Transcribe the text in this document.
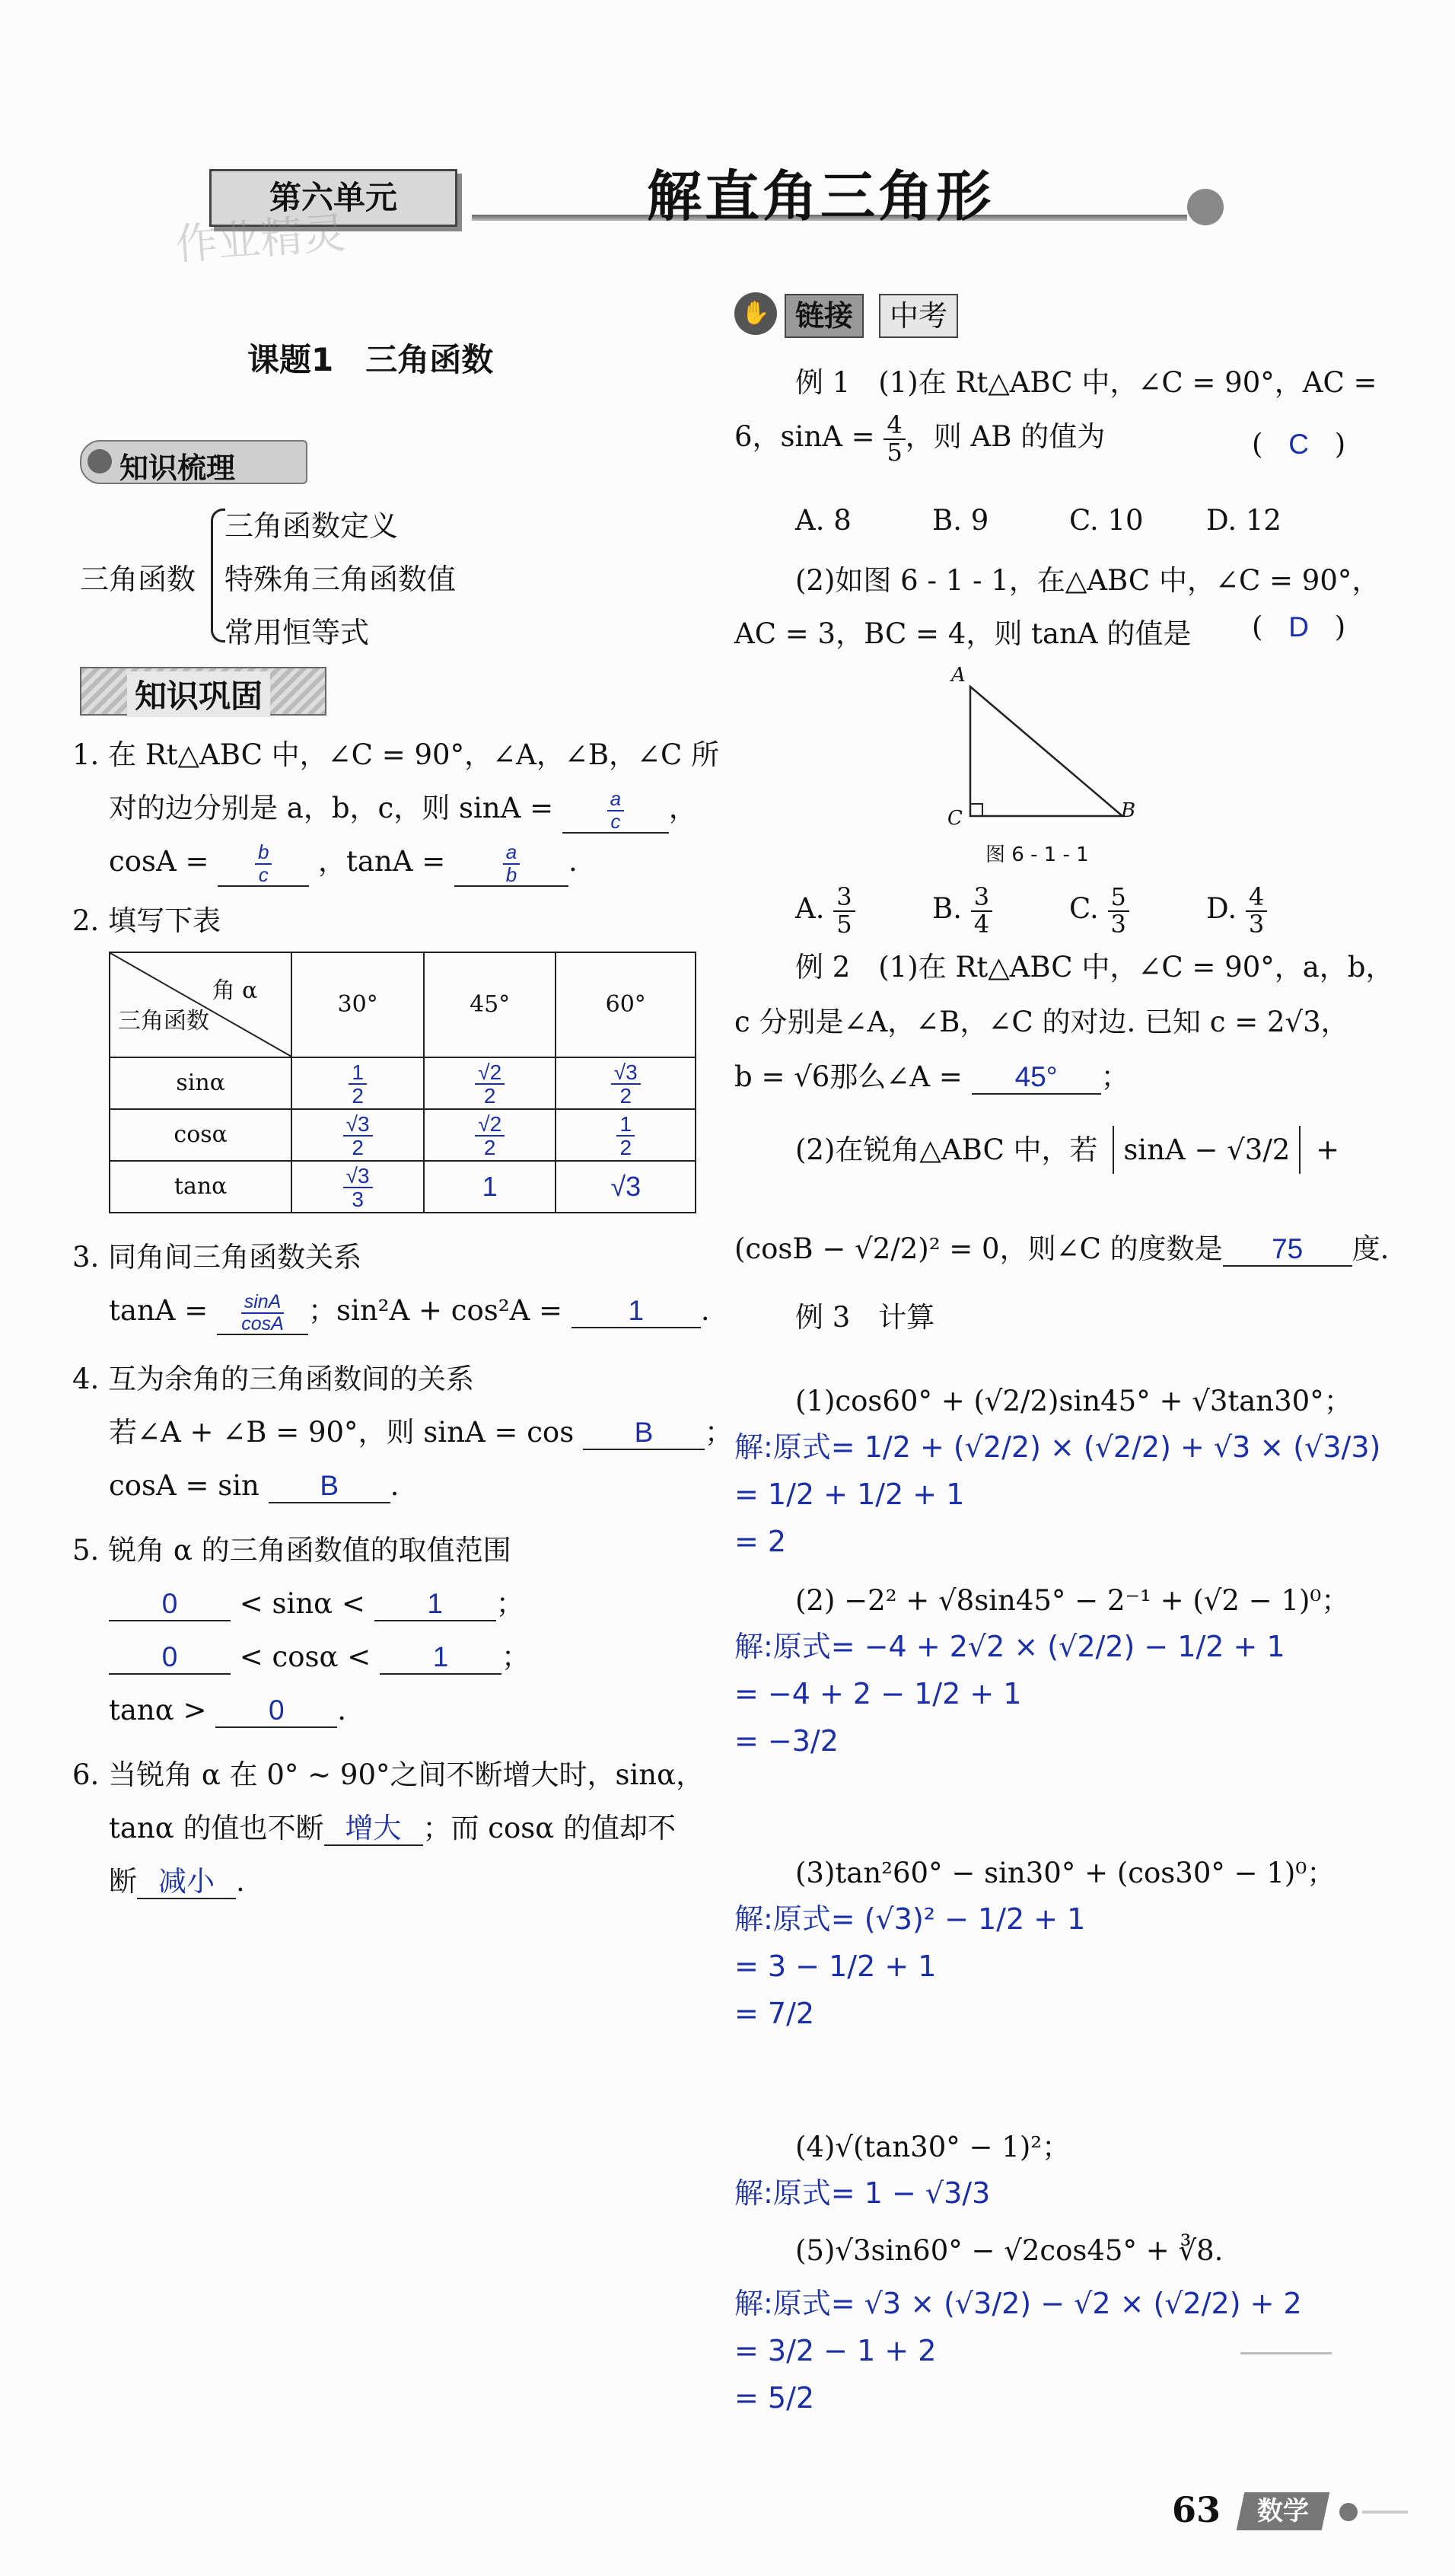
第六单元	解直角三角形
作业精灵
课题1　三角函数
知识梳理
三角函数
三角函数定义
特殊角三角函数值
常用恒等式
知识巩固
1. 在 Rt△ABC 中，∠C = 90°，∠A，∠B，∠C 所
对的边分别是 a，b，c，则 $\sin A = \frac{a}{c}$ ，
$\cos A = \frac{b}{c}$ ，$\tan A = \frac{a}{b}$ .
2. 填写下表
角 α
三角函数	30°	45°	60°
sinα	$\frac{1}{2}$	$\frac{√2}{2}$	$\frac{√3}{2}$

cosα	$\frac{√3}{2}$	$\frac{√2}{2}$	$\frac{1}{2}$

tanα	$\frac{√3}{3}$	1	√3
3. 同角间三角函数关系
$\tan A = \frac{\sin A}{\cos A}$ ；sin²A + cos²A = 1 .
4. 互为余角的三角函数间的关系
若∠A + ∠B = 90°，则 sinA = cos B ；
cosA = sin B .
5. 锐角 α 的三角函数值的取值范围
0 < sinα < 1 ；
0 < cosα < 1 ；
tanα > 0 .
6. 当锐角 α 在 0° ~ 90°之间不断增大时，sinα，
tanα 的值也不断 增大 ；而 cosα 的值却不
断 减小 .
✋ 链接	中考
例 1　(1)在 Rt△ABC 中，∠C = 90°，AC =
6，$\sin A = \frac{4}{5}$ ，则 AB 的值为	( C )
A. 8	B. 9	C. 10 D. 12
(2)如图 6 - 1 - 1，在△ABC 中，∠C = 90°，
AC = 3，BC = 4，则 tanA 的值是 ( D )
A
C	B
图 6 - 1 - 1
A. $\frac{3}{5}$	B. $\frac{3}{4}$	C. $\frac{5}{3}$	D. $\frac{4}{3}$
例 2　(1)在 Rt△ABC 中，∠C = 90°，a，b，
c 分别是∠A，∠B，∠C 的对边. 已知 c = 2√3，
b = √6那么∠A = 45° ；
(2)在锐角△ABC 中，若 sinA − √3/2 +
(cosB − √2/2)² = 0，则∠C 的度数是 75 度.
例 3　计算
(1)cos60° + (√2/2)sin45° + √3tan30°；
解:原式= 1/2 + (√2/2) × (√2/2) + √3 × (√3/3)
= 1/2 + 1/2 + 1
= 2
(2) −2² + √8sin45° − 2⁻¹ + (√2 − 1)⁰；
解:原式= −4 + 2√2 × (√2/2) − 1/2 + 1
= −4 + 2 − 1/2 + 1
= −3/2
(3)tan²60° − sin30° + (cos30° − 1)⁰；
解:原式= (√3)² − 1/2 + 1
= 3 − 1/2 + 1
= 7/2
(4)√(tan30° − 1)²；
解:原式= 1 − √3/3
(5)√3sin60° − √2cos45° + ∛8.
解:原式= √3 × (√3/2) − √2 × (√2/2) + 2
= 3/2 − 1 + 2
= 5/2
63	数学
